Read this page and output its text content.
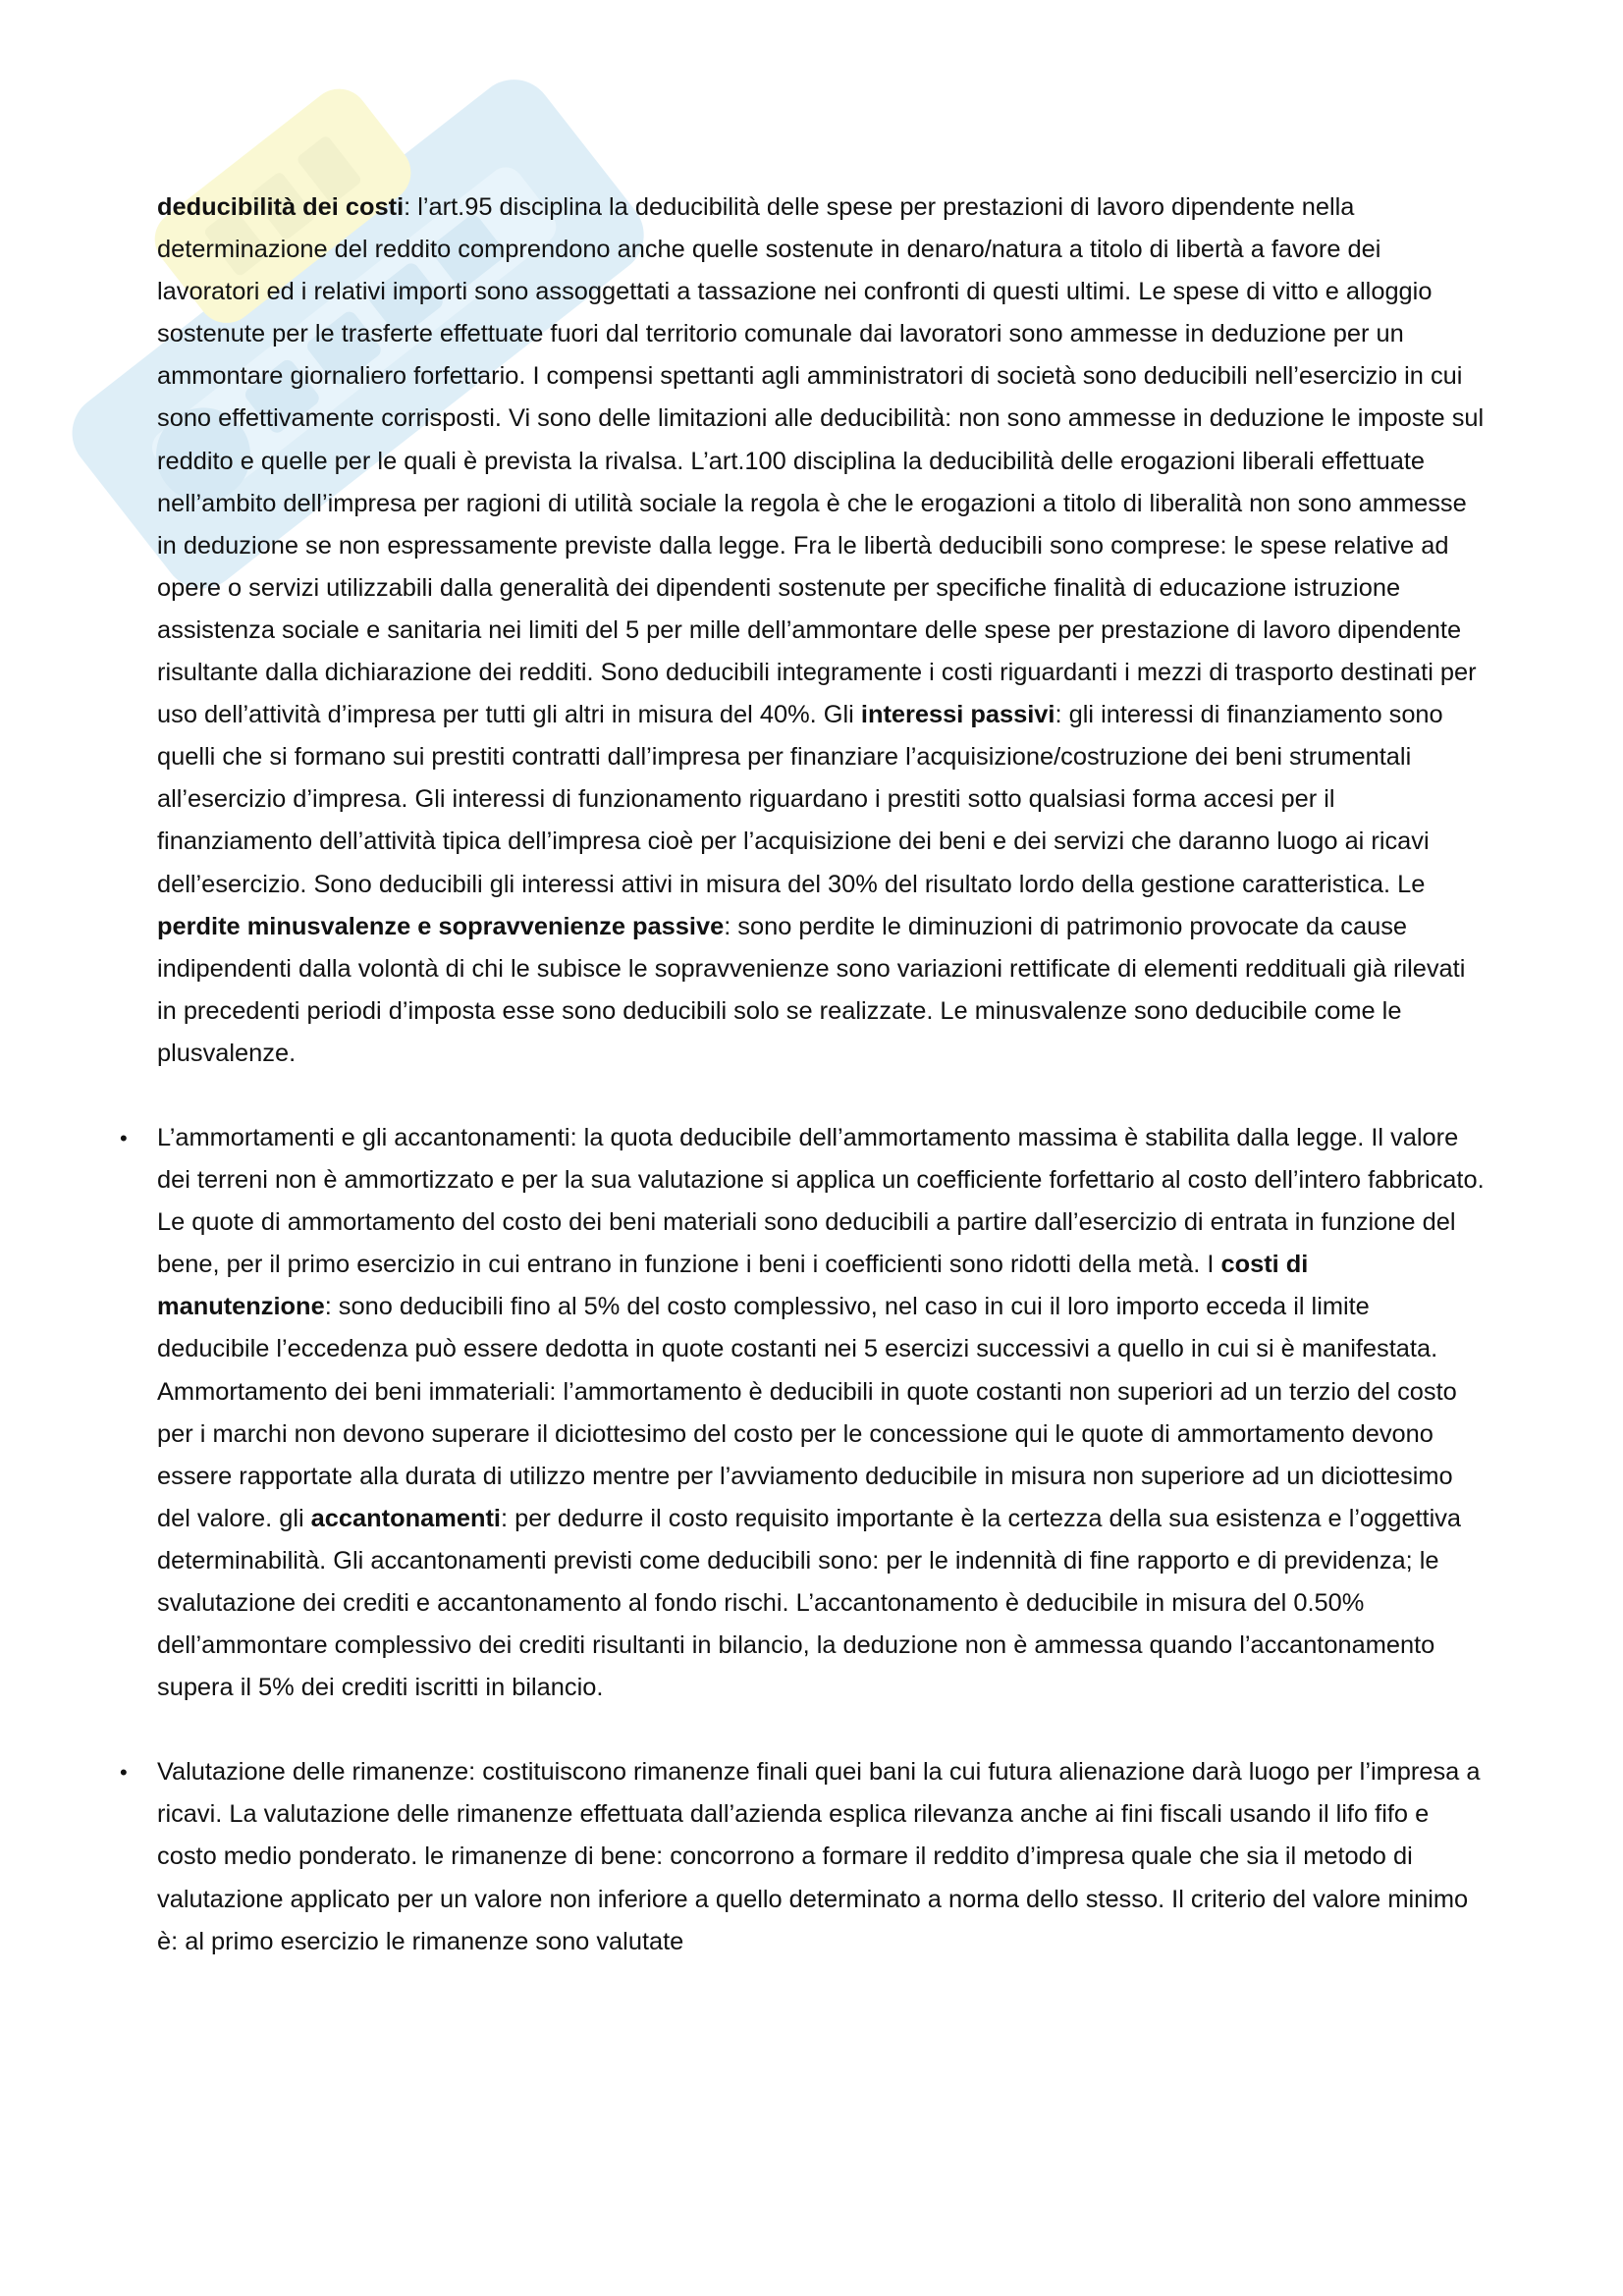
deducibilità dei costi: l’art.95 disciplina la deducibilità delle spese per prestazioni di lavoro dipendente nella determinazione del reddito comprendono anche quelle sostenute in denaro/natura a titolo di libertà a favore dei lavoratori ed i relativi importi sono assoggettati a tassazione nei confronti di questi ultimi. Le spese di vitto e alloggio sostenute per le trasferte effettuate fuori dal territorio comunale dai lavoratori sono ammesse in deduzione per un ammontare giornaliero forfettario. I compensi spettanti agli amministratori di società sono deducibili nell’esercizio in cui sono effettivamente corrisposti. Vi sono delle limitazioni alle deducibilità: non sono ammesse in deduzione le imposte sul reddito e quelle per le quali è prevista la rivalsa. L’art.100 disciplina la deducibilità delle erogazioni liberali effettuate nell’ambito dell’impresa per ragioni di utilità sociale la regola è che le erogazioni a titolo di liberalità non sono ammesse in deduzione se non espressamente previste dalla legge. Fra le libertà deducibili sono comprese: le spese relative ad opere o servizi utilizzabili dalla generalità dei dipendenti sostenute per specifiche finalità di educazione istruzione assistenza sociale e sanitaria nei limiti del 5 per mille dell’ammontare delle spese per prestazione di lavoro dipendente risultante dalla dichiarazione dei redditi. Sono deducibili integramente i costi riguardanti i mezzi di trasporto destinati per uso dell’attività d’impresa per tutti gli altri in misura del 40%. Gli interessi passivi: gli interessi di finanziamento sono quelli che si formano sui prestiti contratti dall’impresa per finanziare l’acquisizione/costruzione dei beni strumentali all’esercizio d’impresa. Gli interessi di funzionamento riguardano i prestiti sotto qualsiasi forma accesi per il finanziamento dell’attività tipica dell’impresa cioè per l’acquisizione dei beni e dei servizi che daranno luogo ai ricavi dell’esercizio. Sono deducibili gli interessi attivi in misura del 30% del risultato lordo della gestione caratteristica. Le perdite minusvalenze e sopravvenienze passive: sono perdite le diminuzioni di patrimonio provocate da cause indipendenti dalla volontà di chi le subisce le sopravvenienze sono variazioni rettificate di elementi reddituali già rilevati in precedenti periodi d’imposta esse sono deducibili solo se realizzate. Le minusvalenze sono deducibile come le plusvalenze.

• L’ammortamenti e gli accantonamenti: la quota deducibile dell’ammortamento massima è stabilita dalla legge. Il valore dei terreni non è ammortizzato e per la sua valutazione si applica un coefficiente forfettario al costo dell’intero fabbricato. Le quote di ammortamento del costo dei beni materiali sono deducibili a partire dall’esercizio di entrata in funzione del bene, per il primo esercizio in cui entrano in funzione i beni i coefficienti sono ridotti della metà. I costi di manutenzione: sono deducibili fino al 5% del costo complessivo, nel caso in cui il loro importo ecceda il limite deducibile l’eccedenza può essere dedotta in quote costanti nei 5 esercizi successivi a quello in cui si è manifestata. Ammortamento dei beni immateriali: l’ammortamento è deducibili in quote costanti non superiori ad un terzio del costo per i marchi non devono superare il diciottesimo del costo per le concessione qui le quote di ammortamento devono essere rapportate alla durata di utilizzo mentre per l’avviamento deducibile in misura non superiore ad un diciottesimo del valore. gli accantonamenti: per dedurre il costo requisito importante è la certezza della sua esistenza e l’oggettiva determinabilità. Gli accantonamenti previsti come deducibili sono: per le indennità di fine rapporto e di previdenza; le svalutazione dei crediti e accantonamento al fondo rischi. L’accantonamento è deducibile in misura del 0.50% dell’ammontare complessivo dei crediti risultanti in bilancio, la deduzione non è ammessa quando l’accantonamento supera il 5% dei crediti iscritti in bilancio.

• Valutazione delle rimanenze: costituiscono rimanenze finali quei bani la cui futura alienazione darà luogo per l’impresa a ricavi. La valutazione delle rimanenze effettuata dall’azienda esplica rilevanza anche ai fini fiscali usando il lifo fifo e costo medio ponderato. le rimanenze di bene: concorrono a formare il reddito d’impresa quale che sia il metodo di valutazione applicato per un valore non inferiore a quello determinato a norma dello stesso. Il criterio del valore minimo è: al primo esercizio le rimanenze sono valutate
